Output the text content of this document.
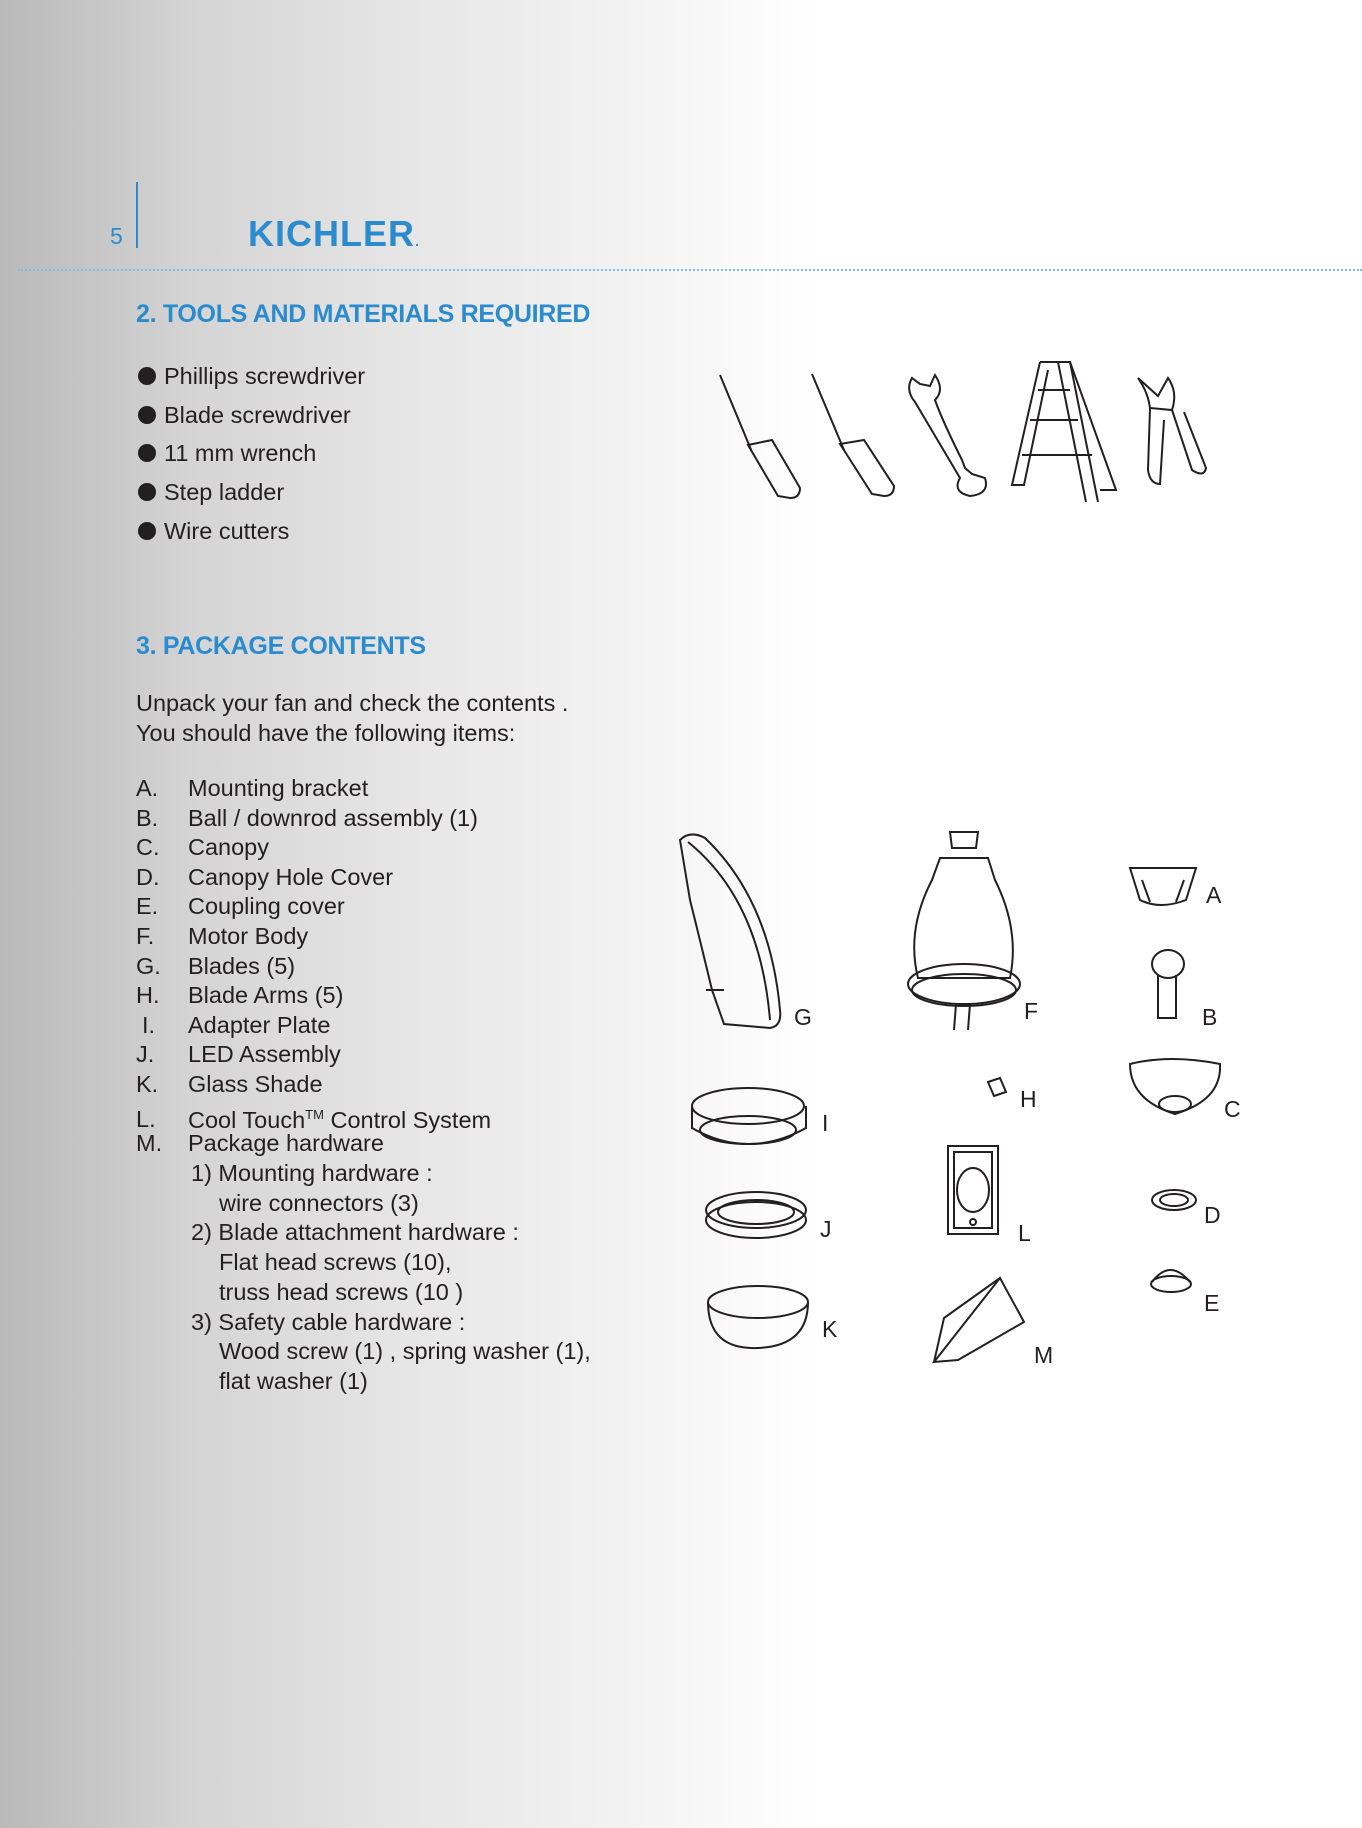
5	KICHLER.
2. TOOLS AND MATERIALS REQUIRED
Phillips screwdriver
Blade screwdriver
11 mm wrench
Step ladder
Wire cutters
3. PACKAGE CONTENTS
Unpack your fan and check the contents .
You should have the following items:
A. Mounting bracket
B. Ball / downrod assembly (1)
C. Canopy
D. Canopy Hole Cover
E. Coupling cover
F. Motor Body
G. Blades (5)
H. Blade Arms (5)
I. Adapter Plate
J. LED Assembly
K. Glass Shade
L. Cool Touch™ Control System
M. Package hardware
1) Mounting hardware :
wire connectors (3)
2) Blade attachment hardware :
Flat head screws (10),
truss head screws (10 )
3) Safety cable hardware :
Wood screw (1) , spring washer (1),
flat washer (1)
A
B
C
D
E
F
G
H
I
J
K
L
M
